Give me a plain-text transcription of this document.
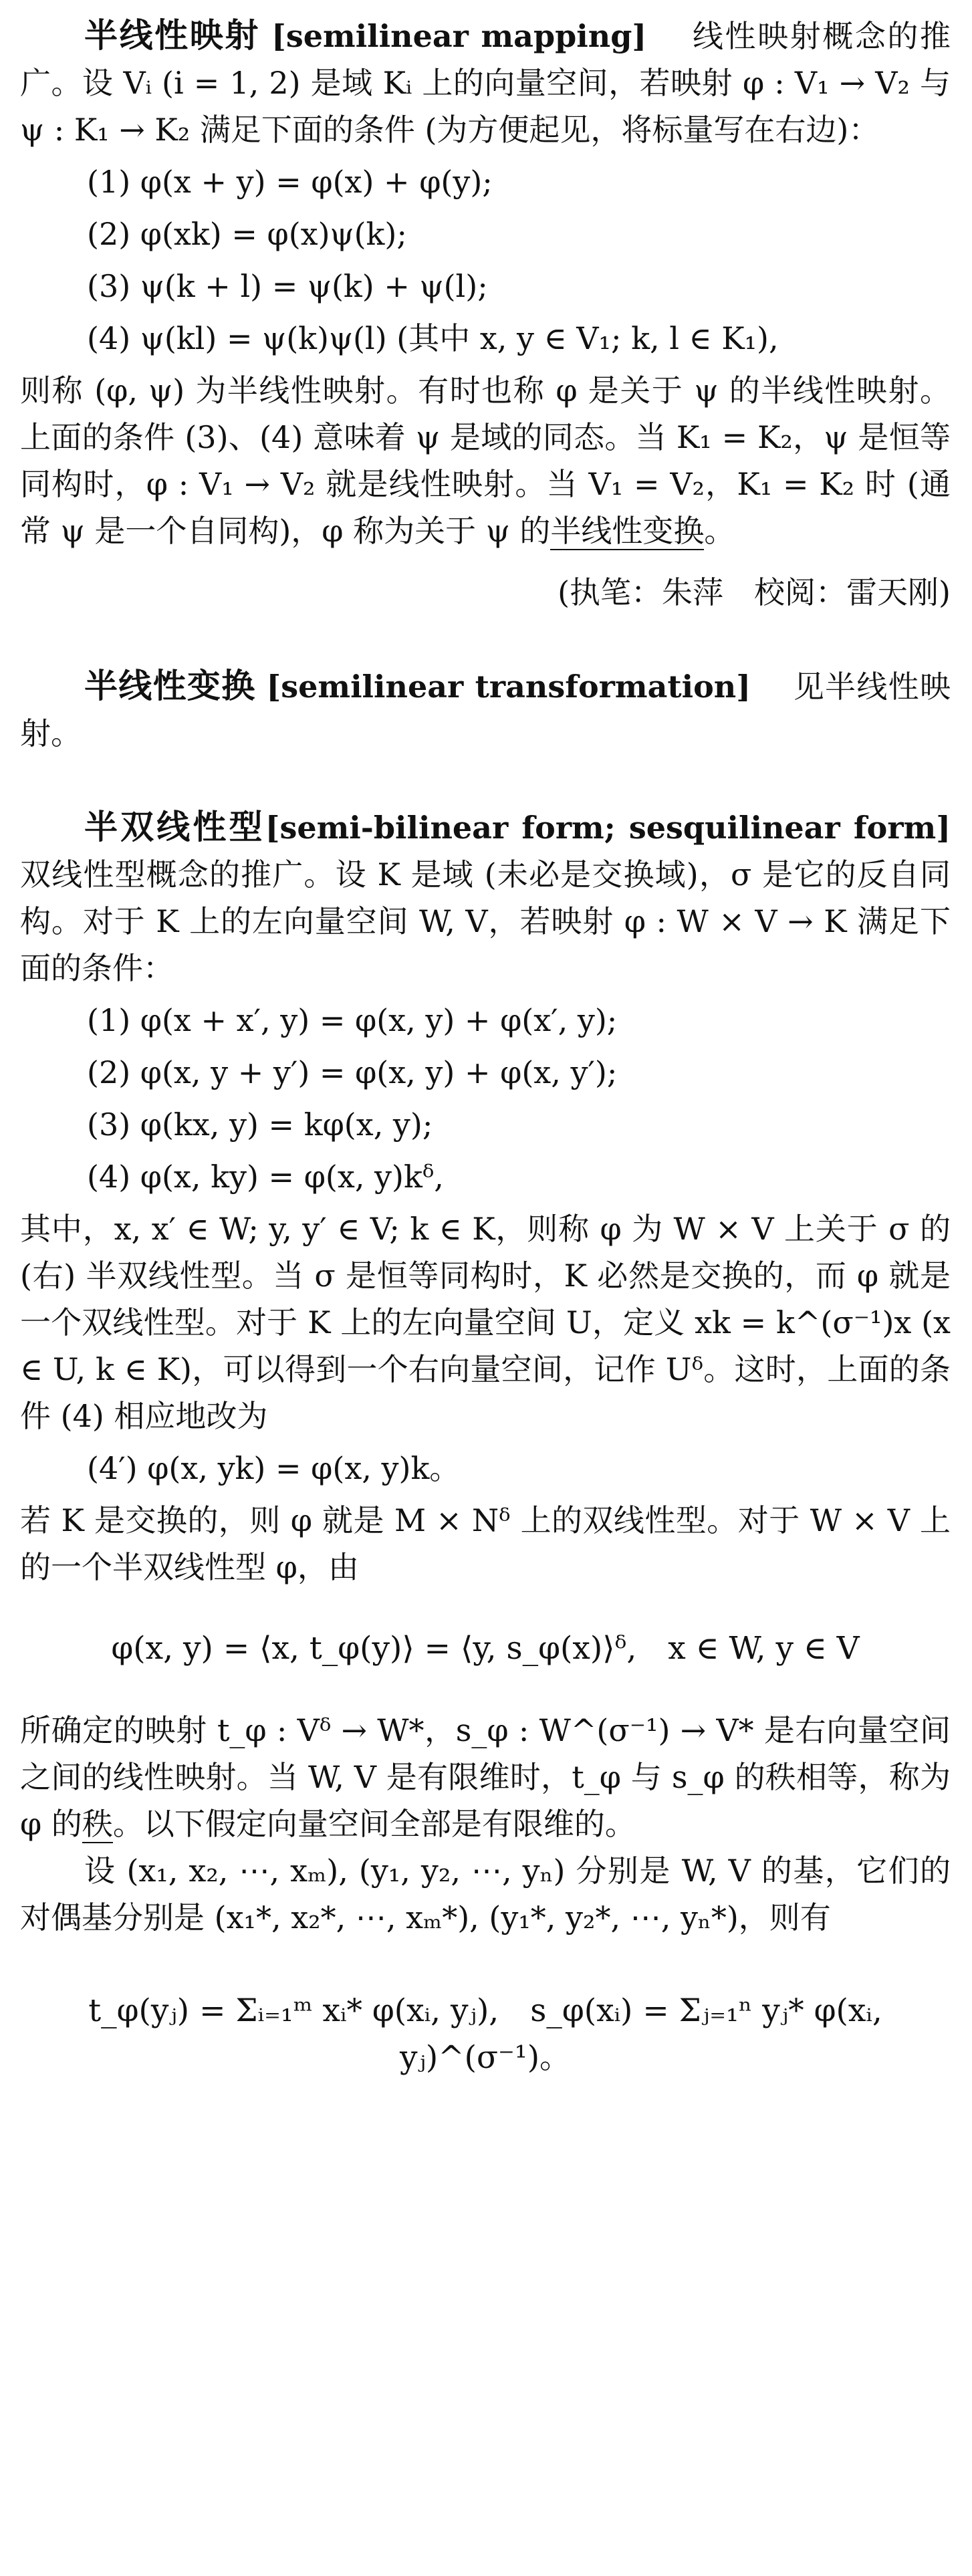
半线性映射 [semilinear mapping] 线性映射概念的推广。设 Vᵢ (i = 1, 2) 是域 Kᵢ 上的向量空间，若映射 φ : V₁ → V₂ 与 ψ : K₁ → K₂ 满足下面的条件 (为方便起见，将标量写在右边)：

(1) φ(x + y) = φ(x) + φ(y);
(2) φ(xk) = φ(x)ψ(k);
(3) ψ(k + l) = ψ(k) + ψ(l);
(4) ψ(kl) = ψ(k)ψ(l) (其中 x, y ∈ V₁; k, l ∈ K₁),

则称 (φ, ψ) 为半线性映射。有时也称 φ 是关于 ψ 的半线性映射。上面的条件 (3)、(4) 意味着 ψ 是域的同态。当 K₁ = K₂，ψ 是恒等同构时，φ : V₁ → V₂ 就是线性映射。当 V₁ = V₂，K₁ = K₂ 时 (通常 ψ 是一个自同构)，φ 称为关于 ψ 的半线性变换。

(执笔：朱萍　校阅：雷天刚)

半线性变换 [semilinear transformation] 见半线性映射。

半双线性型[semi-bilinear form; sesquilinear form] 双线性型概念的推广。设 K 是域 (未必是交换域)，σ 是它的反自同构。对于 K 上的左向量空间 W, V，若映射 φ : W × V → K 满足下面的条件：

(1) φ(x + x′, y) = φ(x, y) + φ(x′, y);
(2) φ(x, y + y′) = φ(x, y) + φ(x, y′);
(3) φ(kx, y) = kφ(x, y);
(4) φ(x, ky) = φ(x, y)kᵟ,

其中，x, x′ ∈ W; y, y′ ∈ V; k ∈ K，则称 φ 为 W × V 上关于 σ 的 (右) 半双线性型。当 σ 是恒等同构时，K 必然是交换的，而 φ 就是一个双线性型。对于 K 上的左向量空间 U，定义 xk = k^(σ⁻¹)x (x ∈ U, k ∈ K)，可以得到一个右向量空间，记作 Uᵟ。这时，上面的条件 (4) 相应地改为

(4′) φ(x, yk) = φ(x, y)k。

若 K 是交换的，则 φ 就是 M × Nᵟ 上的双线性型。对于 W × V 上的一个半双线性型 φ，由

φ(x, y) = ⟨x, t_φ(y)⟩ = ⟨y, s_φ(x)⟩ᵟ,　x ∈ W, y ∈ V

所确定的映射 t_φ : Vᵟ → W*，s_φ : W^(σ⁻¹) → V* 是右向量空间之间的线性映射。当 W, V 是有限维时，t_φ 与 s_φ 的秩相等，称为 φ 的秩。以下假定向量空间全部是有限维的。

设 (x₁, x₂, ⋯, xₘ), (y₁, y₂, ⋯, yₙ) 分别是 W, V 的基，它们的对偶基分别是 (x₁*, x₂*, ⋯, xₘ*), (y₁*, y₂*, ⋯, yₙ*)，则有

t_φ(yⱼ) = Σᵢ₌₁ᵐ xᵢ* φ(xᵢ, yⱼ),　s_φ(xᵢ) = Σⱼ₌₁ⁿ yⱼ* φ(xᵢ, yⱼ)^(σ⁻¹)。
